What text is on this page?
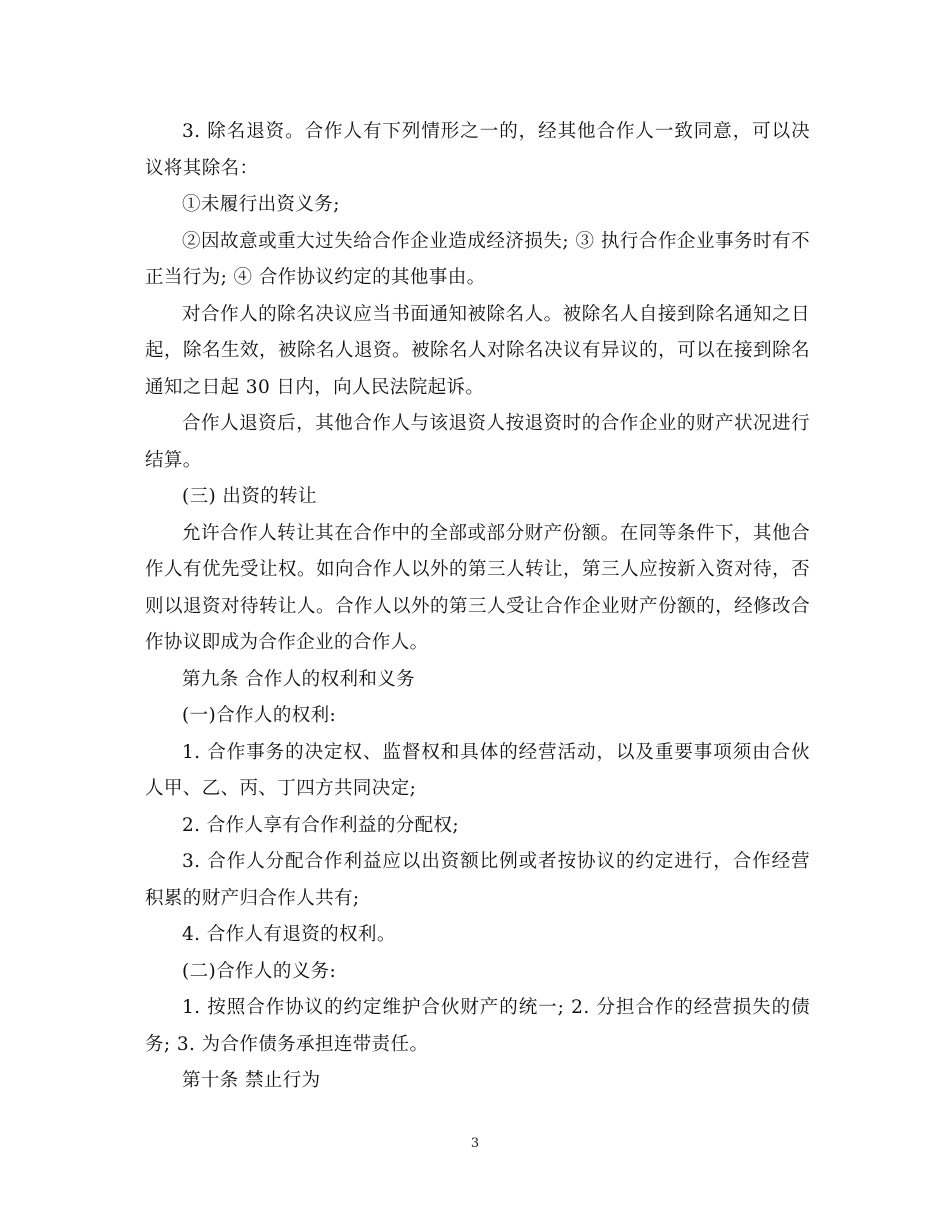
3. 除名退资。合作人有下列情形之一的，经其他合作人一致同意，可以决议将其除名：

①未履行出资义务;

②因故意或重大过失给合作企业造成经济损失; ③ 执行合作企业事务时有不正当行为; ④ 合作协议约定的其他事由。

对合作人的除名决议应当书面通知被除名人。被除名人自接到除名通知之日起，除名生效，被除名人退资。被除名人对除名决议有异议的，可以在接到除名通知之日起 30 日内，向人民法院起诉。

合作人退资后，其他合作人与该退资人按退资时的合作企业的财产状况进行结算。

(三) 出资的转让

允许合作人转让其在合作中的全部或部分财产份额。在同等条件下，其他合作人有优先受让权。如向合作人以外的第三人转让，第三人应按新入资对待，否则以退资对待转让人。合作人以外的第三人受让合作企业财产份额的，经修改合作协议即成为合作企业的合作人。

第九条 合作人的权利和义务

(一)合作人的权利:

1. 合作事务的决定权、监督权和具体的经营活动，以及重要事项须由合伙人甲、乙、丙、丁四方共同决定;

2. 合作人享有合作利益的分配权;

3. 合作人分配合作利益应以出资额比例或者按协议的约定进行，合作经营积累的财产归合作人共有;

4. 合作人有退资的权利。

(二)合作人的义务:

1. 按照合作协议的约定维护合伙财产的统一; 2. 分担合作的经营损失的债务; 3. 为合作债务承担连带责任。

第十条 禁止行为

3
